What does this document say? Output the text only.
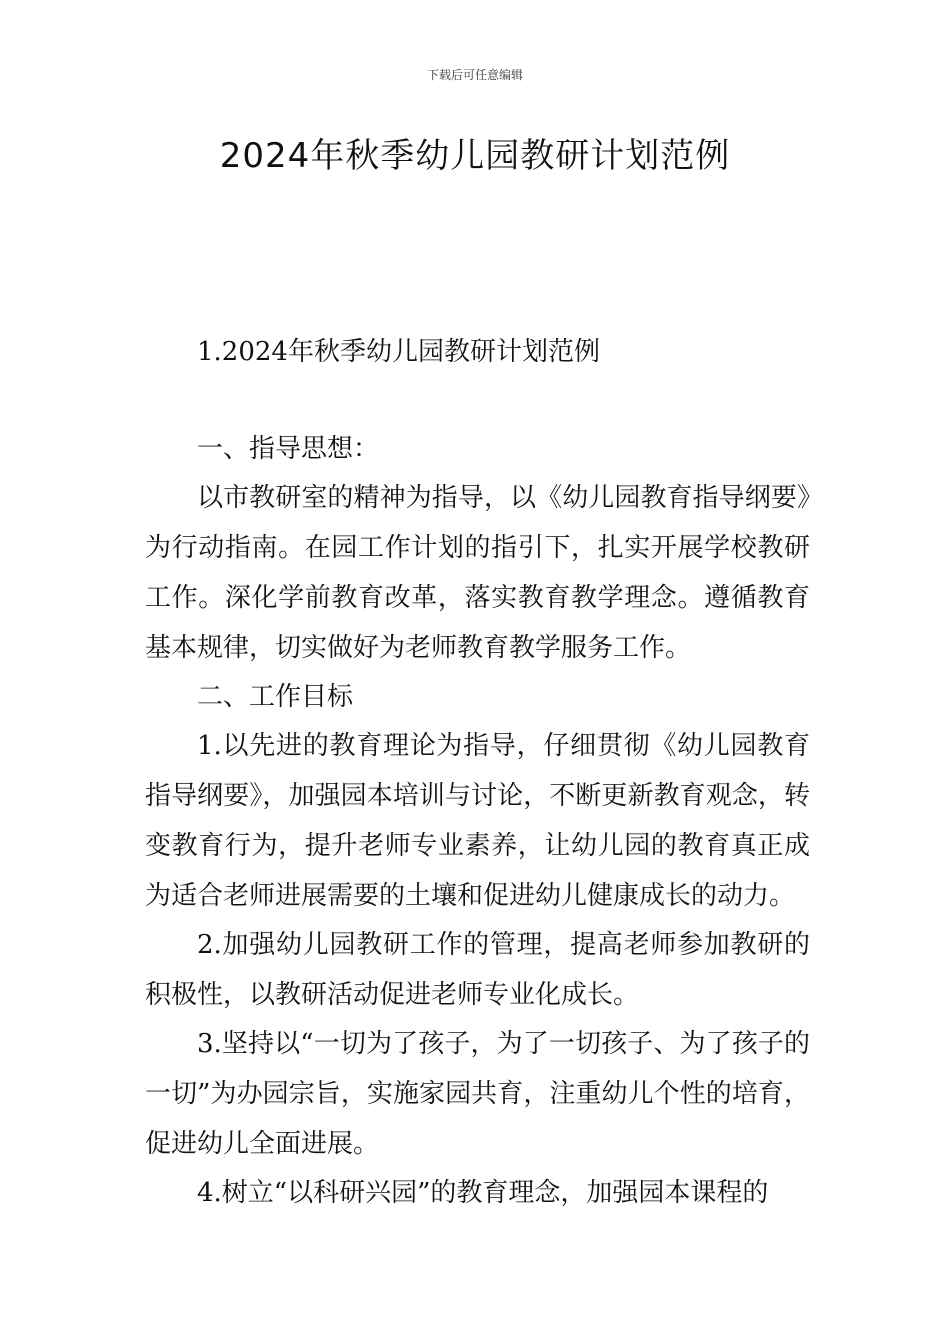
下载后可任意编辑
2024年秋季幼儿园教研计划范例

1.2024年秋季幼儿园教研计划范例

一、指导思想：

以市教研室的精神为指导，以《幼儿园教育指导纲要》为行动指南。在园工作计划的指引下，扎实开展学校教研工作。深化学前教育改革，落实教育教学理念。遵循教育基本规律，切实做好为老师教育教学服务工作。

二、工作目标

1.以先进的教育理论为指导，仔细贯彻《幼儿园教育指导纲要》，加强园本培训与讨论，不断更新教育观念，转变教育行为，提升老师专业素养，让幼儿园的教育真正成为适合老师进展需要的土壤和促进幼儿健康成长的动力。

2.加强幼儿园教研工作的管理，提高老师参加教研的积极性，以教研活动促进老师专业化成长。

3.坚持以“一切为了孩子，为了一切孩子、为了孩子的一切”为办园宗旨，实施家园共育，注重幼儿个性的培育，促进幼儿全面进展。

4.树立“以科研兴园”的教育理念，加强园本课程的
